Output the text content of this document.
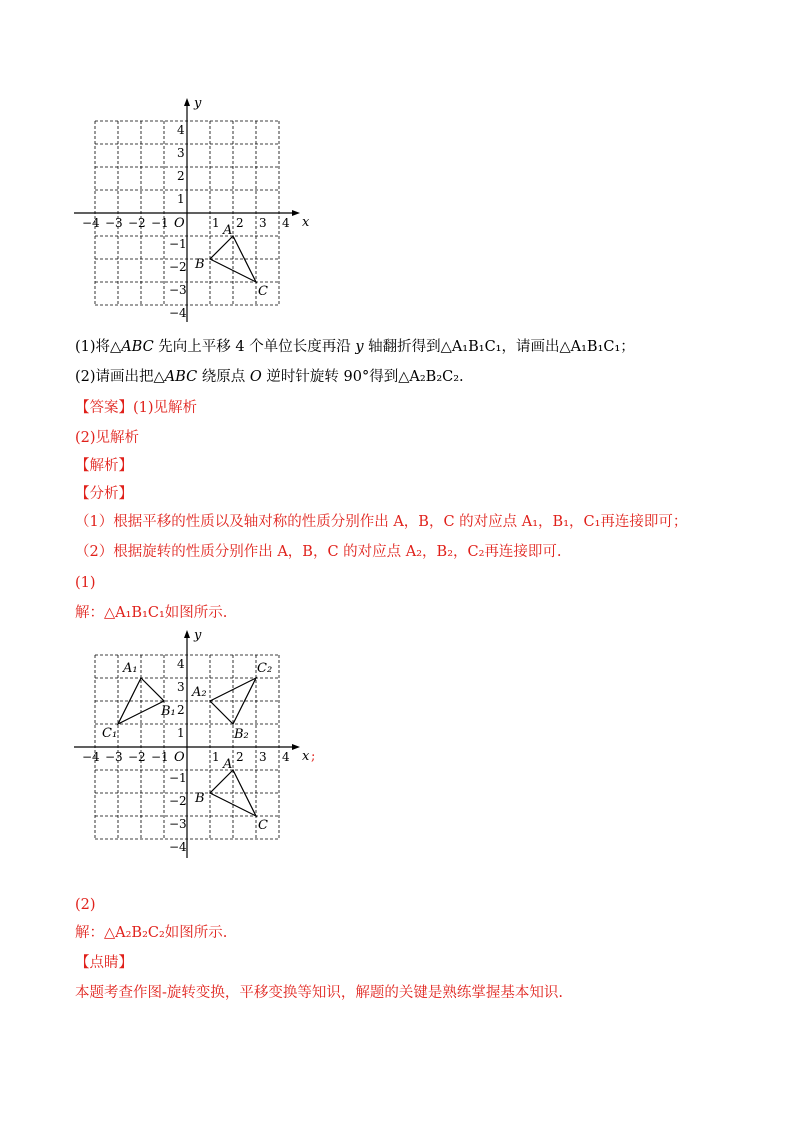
x
y
O
−4 −3 −2 −1	1 2 3 4
4
3
2
1
−1
−2
−3
−4
A
B
C
(1)将△ABC 先向上平移 4 个单位长度再沿 y 轴翻折得到△A₁B₁C₁，请画出△A₁B₁C₁；
(2)请画出把△ABC 绕原点 O 逆时针旋转 90°得到△A₂B₂C₂.
【答案】(1)见解析
(2)见解析
【解析】
【分析】
（1）根据平移的性质以及轴对称的性质分别作出 A，B，C 的对应点 A₁，B₁，C₁再连接即可；
（2）根据旋转的性质分别作出 A，B，C 的对应点 A₂，B₂，C₂再连接即可.
(1)
解：△A₁B₁C₁如图所示.
x ;
y
O
−4 −3 −2 −1	1 2 3 4
4
3
2
1
−1
−2
−3
−4
A
B
C
A₁
B₁
C₁
A₂
B₂
C₂
(2)
解：△A₂B₂C₂如图所示.
【点睛】
本题考查作图-旋转变换，平移变换等知识，解题的关键是熟练掌握基本知识.
